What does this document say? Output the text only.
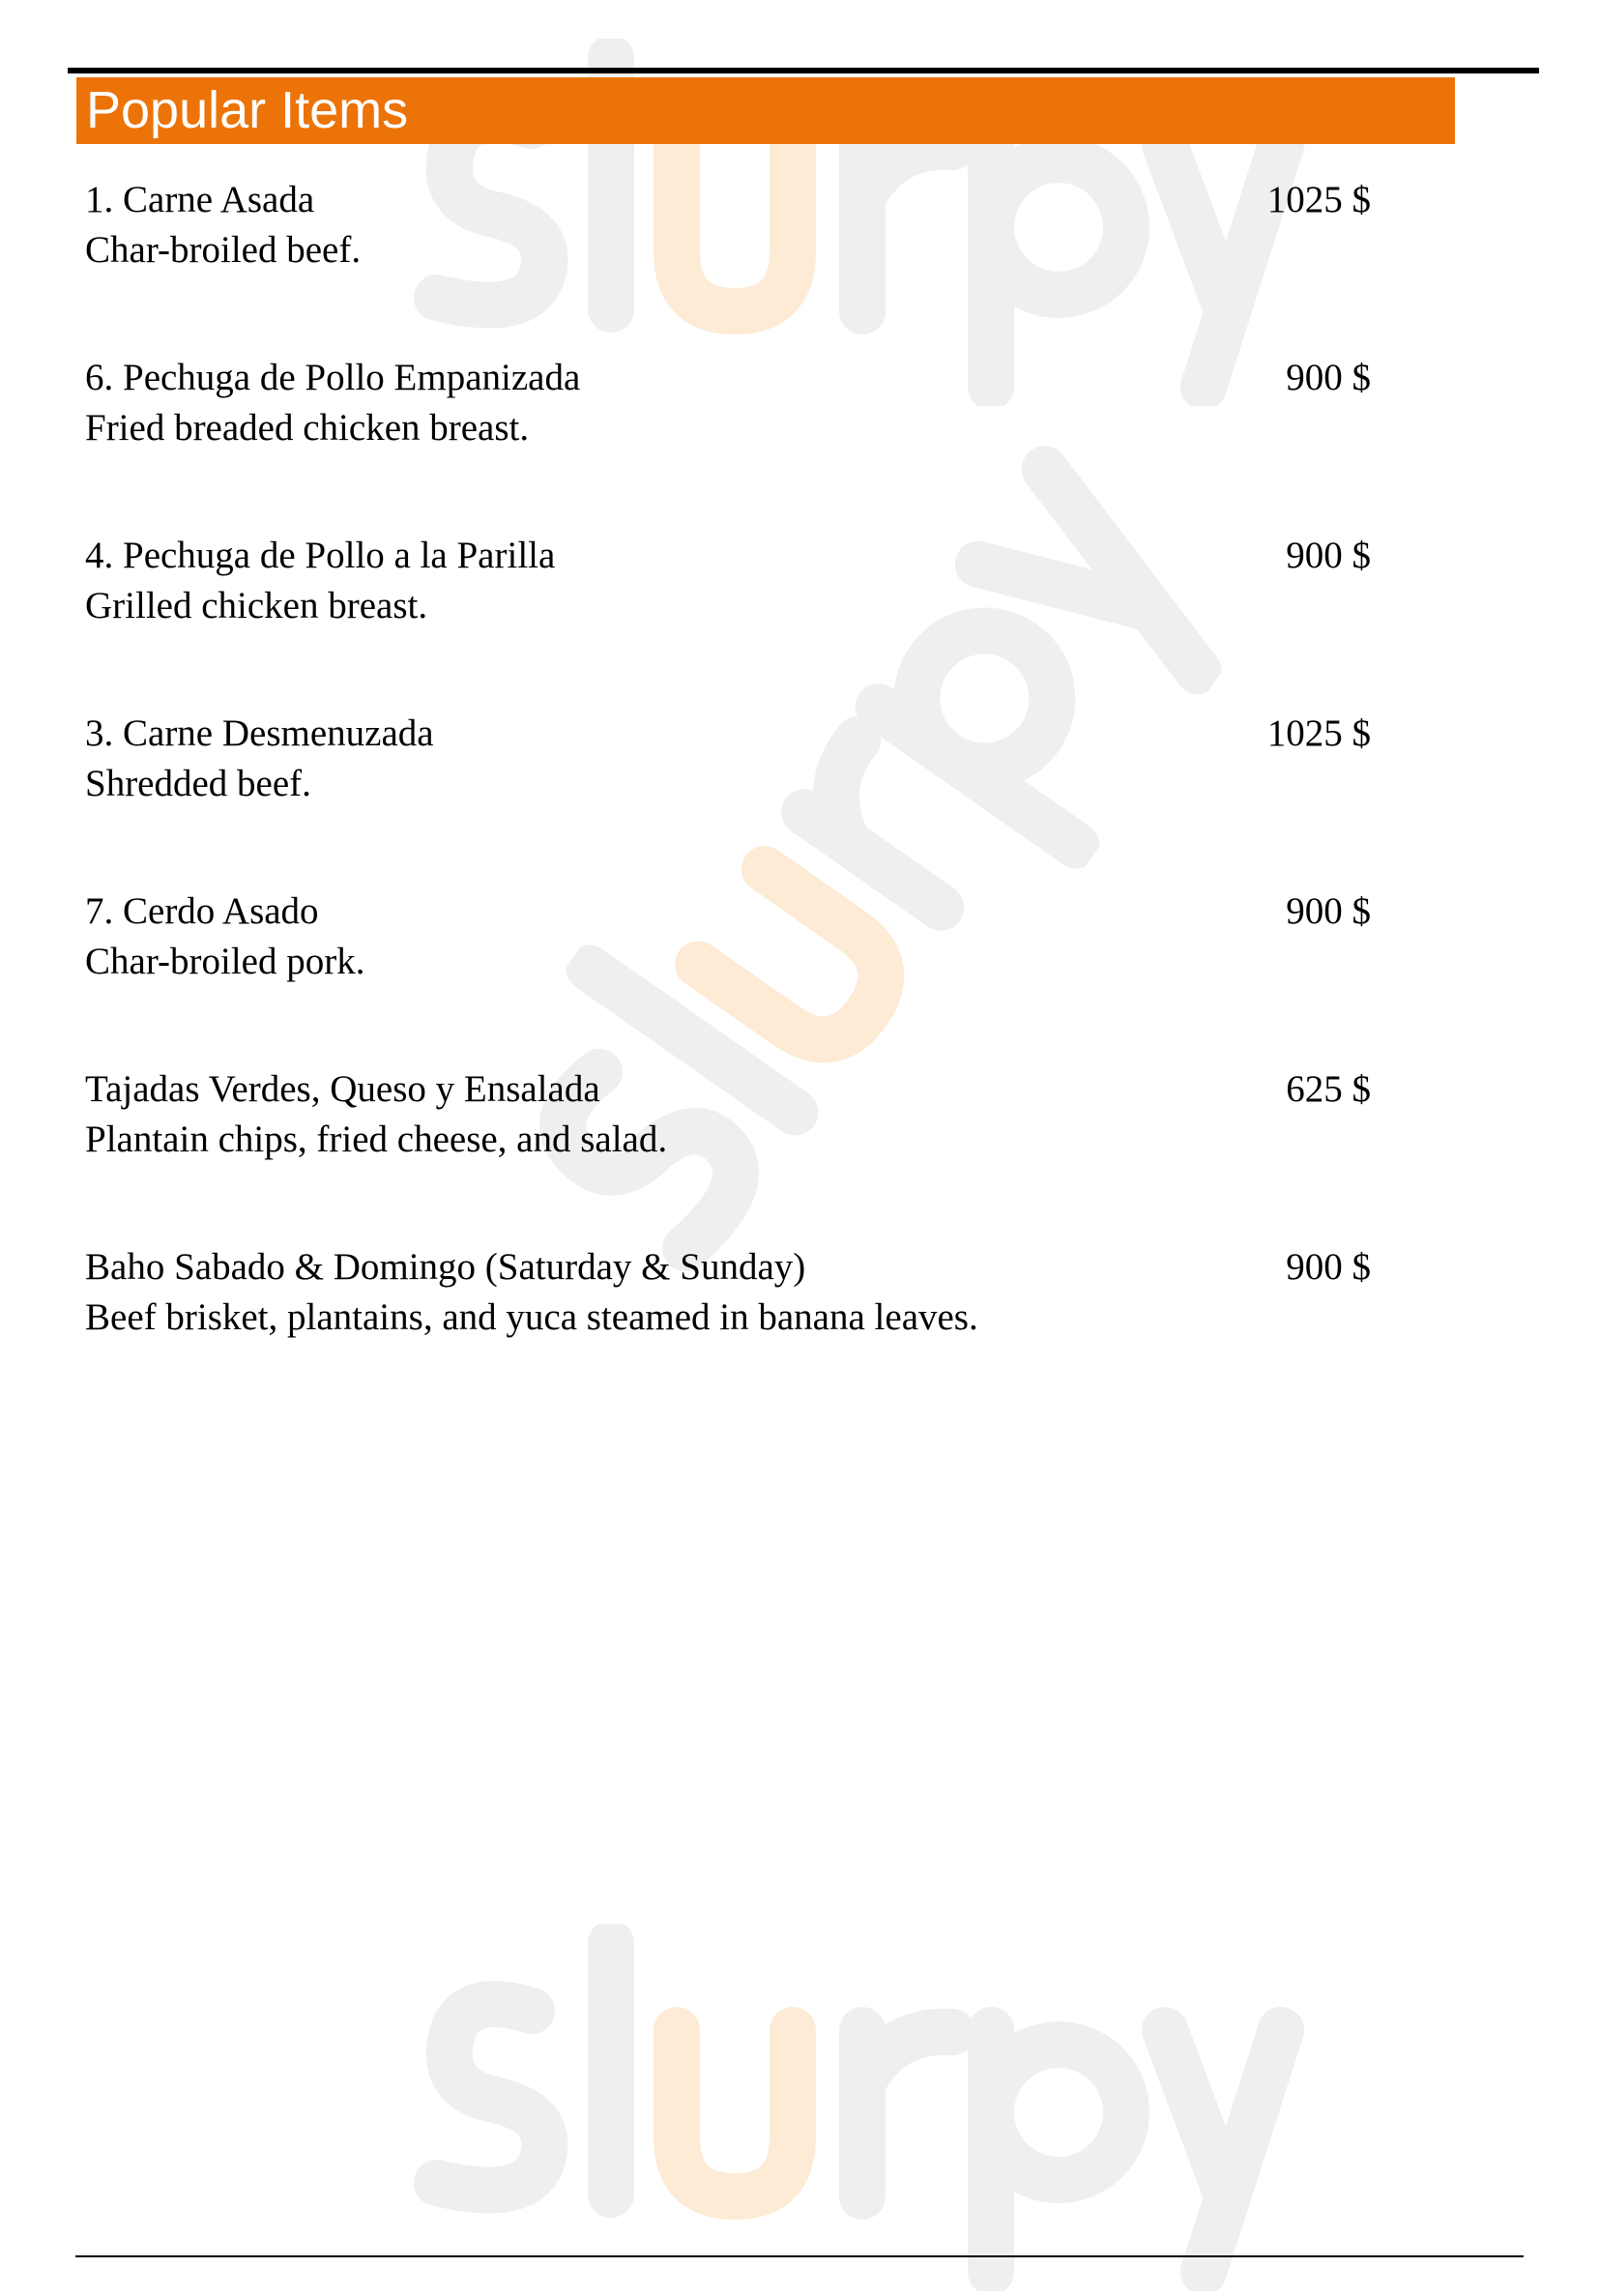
Popular Items
1. Carne Asada	1025 $
Char-broiled beef.
6. Pechuga de Pollo Empanizada	900 $
Fried breaded chicken breast.
4. Pechuga de Pollo a la Parilla	900 $
Grilled chicken breast.
3. Carne Desmenuzada	1025 $
Shredded beef.
7. Cerdo Asado	900 $
Char-broiled pork.
Tajadas Verdes, Queso y Ensalada	625 $
Plantain chips, fried cheese, and salad.
Baho Sabado & Domingo (Saturday & Sunday)	900 $
Beef brisket, plantains, and yuca steamed in banana leaves.
